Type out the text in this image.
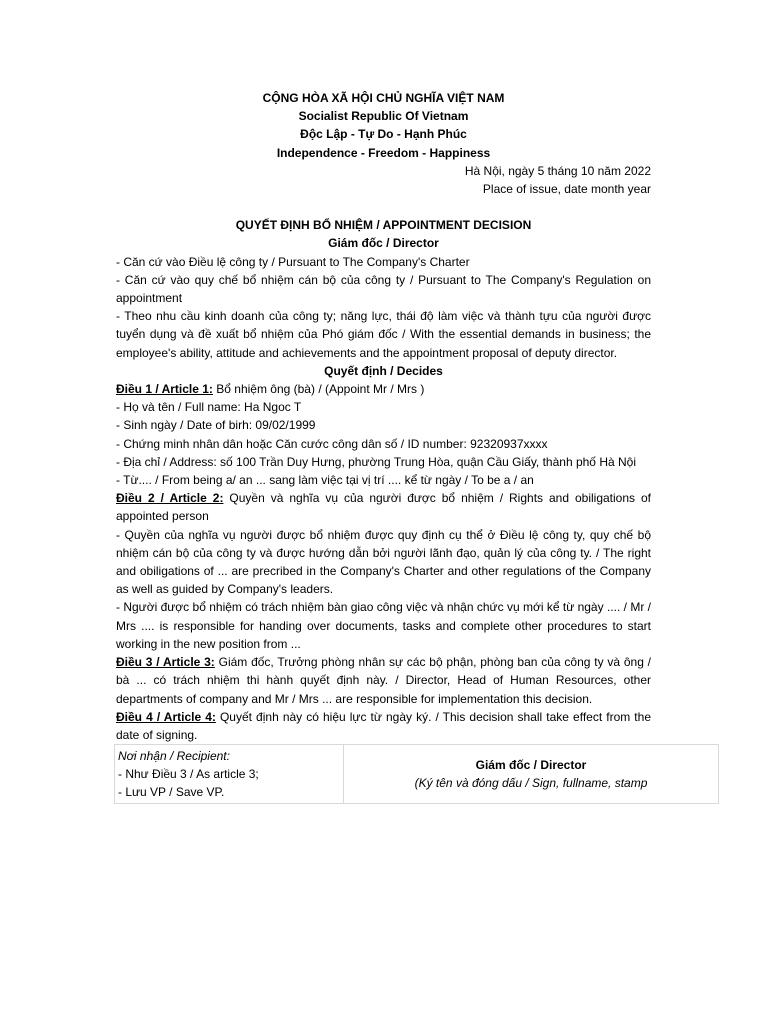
CỘNG HÒA XÃ HỘI CHỦ NGHĨA VIỆT NAM
Socialist Republic Of Vietnam
Độc Lập - Tự Do - Hạnh Phúc
Independence - Freedom - Happiness
Hà Nội, ngày 5 tháng 10 năm 2022
Place of issue, date month year
QUYẾT ĐỊNH BỔ NHIỆM / APPOINTMENT DECISION
Giám đốc / Director
- Căn cứ vào Điều lệ công ty / Pursuant to The Company's Charter
- Căn cứ vào quy chế bổ nhiệm cán bộ của công ty / Pursuant to The Company's Regulation on appointment
- Theo nhu cầu kinh doanh của công ty; năng lực, thái độ làm việc và thành tựu của người được tuyển dụng và đề xuất bổ nhiệm của Phó giám đốc / With the essential demands in business; the employee's ability, attitude and achievements and the appointment proposal of deputy director.
Quyết định / Decides
Điều 1 / Article 1: Bổ nhiệm ông (bà) / (Appoint Mr / Mrs )
- Họ và tên / Full name: Ha Ngoc T
- Sinh ngày / Date of birh: 09/02/1999
- Chứng minh nhân dân hoặc Căn cước công dân số / ID number: 92320937xxxx
- Địa chỉ / Address: số 100 Trần Duy Hưng, phường Trung Hòa, quận Cầu Giấy, thành phố Hà Nội
- Từ.... / From being a/ an ... sang làm việc tại vị trí .... kể từ ngày / To be a / an
Điều 2 / Article 2: Quyền và nghĩa vụ của người được bổ nhiệm / Rights and obiligations of appointed person
- Quyền của nghĩa vụ người được bổ nhiệm được quy định cụ thể ở Điều lệ công ty, quy chế bộ nhiệm cán bộ của công ty và được hướng dẫn bởi người lãnh đạo, quản lý của công ty. / The right and obiligations of ... are precribed in the Company's Charter and other regulations of the Company as well as guided by Company's leaders.
- Người được bổ nhiệm có trách nhiệm bàn giao công việc và nhận chức vụ mới kể từ ngày .... / Mr / Mrs .... is responsible for handing over documents, tasks and complete other procedures to start working in the new position from ...
Điều 3 / Article 3: Giám đốc, Trưởng phòng nhân sự các bộ phận, phòng ban của công ty và ông / bà ... có trách nhiệm thi hành quyết định này. / Director, Head of Human Resources, other departments of company and Mr / Mrs ... are responsible for implementation this decision.
Điều 4 / Article 4: Quyết định này có hiệu lực từ ngày ký. / This decision shall take effect from the date of signing.
Nơi nhận / Recipient:
- Như Điều 3 / As article 3;
- Lưu VP / Save VP.

Giám đốc / Director
(Ký tên và đóng dấu / Sign, fullname, stamp
